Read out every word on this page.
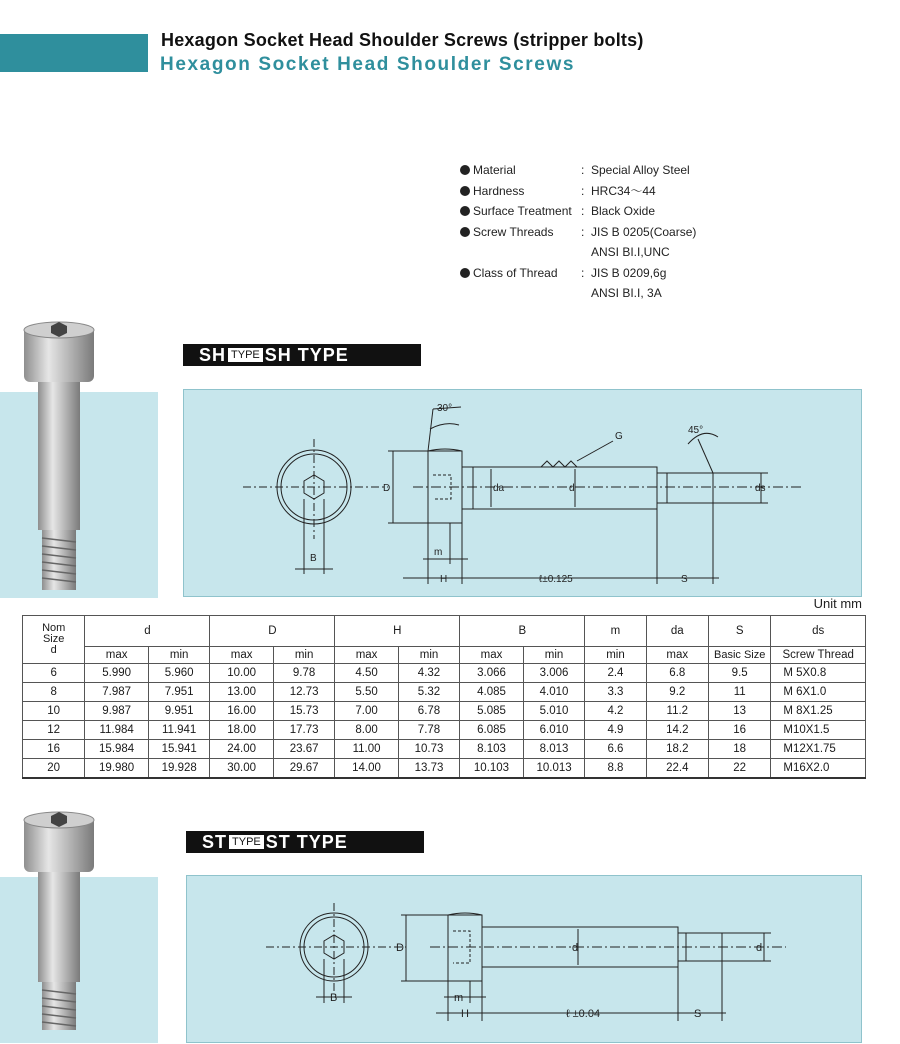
Hexagon Socket Head Shoulder Screws (stripper bolts)
Hexagon Socket Head Shoulder Screws
Material	: Special Alloy Steel
Hardness	: HRC34～44
Surface Treatment : Black Oxide
Screw Threads : JIS B 0205(Coarse)
ANSI BI.I,UNC
Class of Thread : JIS B 0209,6g
ANSI BI.I, 3A
SH TYPE SH TYPE
30°
45°
G
D	da	d	ds
B
m
H	ℓ±0.125	S
Unit mm
Nom
Size
d	d		D		H		B		m	da	S	ds
	max	min	max	min	max	min	max	min	min	max	Basic Size	Screw Thread
6	5.990	5.960	10.00	9.78	4.50	4.32	3.066	3.006	2.4	6.8	9.5	M 5X0.8
8	7.987	7.951	13.00	12.73	5.50	5.32	4.085	4.010	3.3	9.2	11	M 6X1.0
10	9.987	9.951	16.00	15.73	7.00	6.78	5.085	5.010	4.2	11.2	13	M 8X1.25
12	11.984	11.941	18.00	17.73	8.00	7.78	6.085	6.010	4.9	14.2	16	M10X1.5
16	15.984	15.941	24.00	23.67	11.00	10.73	8.103	8.013	6.6	18.2	18	M12X1.75
20	19.980	19.928	30.00	29.67	14.00	13.73	10.103	10.013	8.8	22.4	22	M16X2.0
ST TYPE ST TYPE
D	d	d
B	m
H	ℓ ±0.04	S
